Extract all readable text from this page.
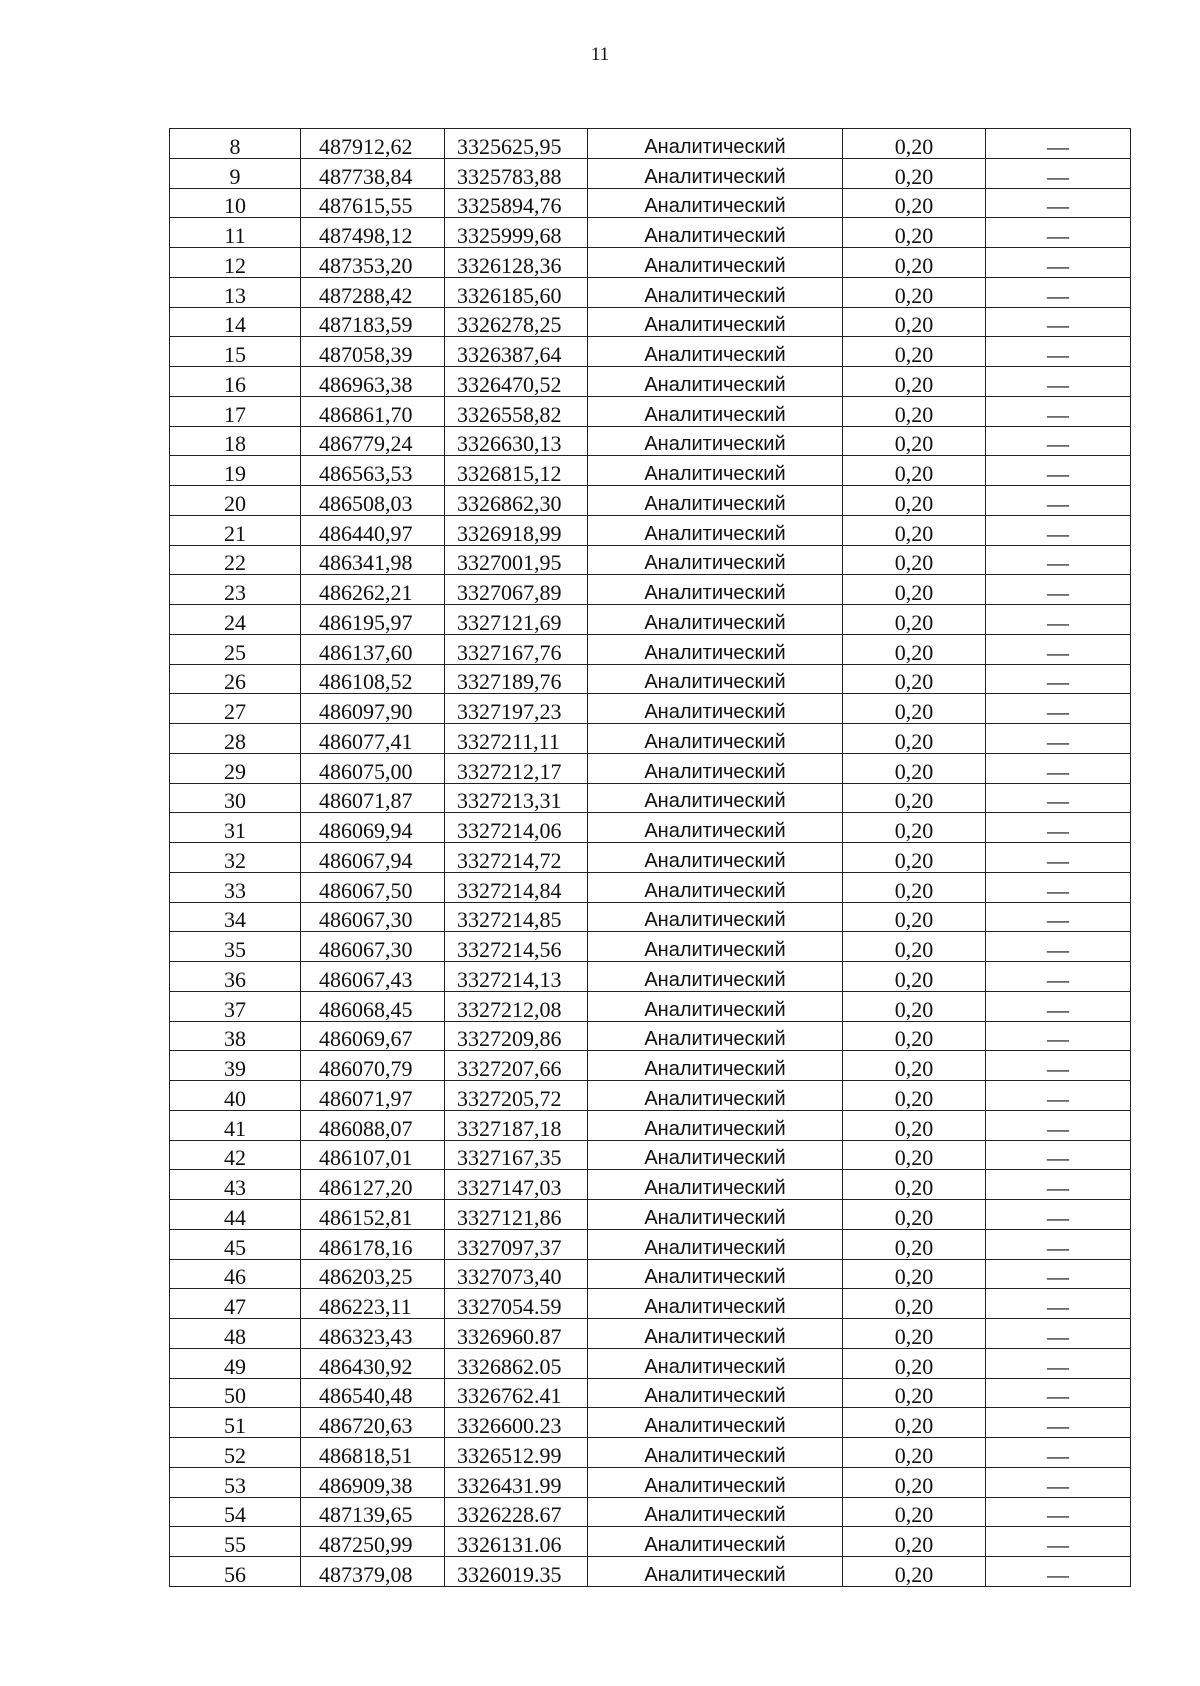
11
8	487912,62	3325625,95	Аналитический	0,20	—
9	487738,84	3325783,88	Аналитический	0,20	—
10	487615,55	3325894,76	Аналитический	0,20	—
11	487498,12	3325999,68	Аналитический	0,20	—
12	487353,20	3326128,36	Аналитический	0,20	—
13	487288,42	3326185,60	Аналитический	0,20	—
14	487183,59	3326278,25	Аналитический	0,20	—
15	487058,39	3326387,64	Аналитический	0,20	—
16	486963,38	3326470,52	Аналитический	0,20	—
17	486861,70	3326558,82	Аналитический	0,20	—
18	486779,24	3326630,13	Аналитический	0,20	—
19	486563,53	3326815,12	Аналитический	0,20	—
20	486508,03	3326862,30	Аналитический	0,20	—
21	486440,97	3326918,99	Аналитический	0,20	—
22	486341,98	3327001,95	Аналитический	0,20	—
23	486262,21	3327067,89	Аналитический	0,20	—
24	486195,97	3327121,69	Аналитический	0,20	—
25	486137,60	3327167,76	Аналитический	0,20	—
26	486108,52	3327189,76	Аналитический	0,20	—
27	486097,90	3327197,23	Аналитический	0,20	—
28	486077,41	3327211,11	Аналитический	0,20	—
29	486075,00	3327212,17	Аналитический	0,20	—
30	486071,87	3327213,31	Аналитический	0,20	—
31	486069,94	3327214,06	Аналитический	0,20	—
32	486067,94	3327214,72	Аналитический	0,20	—
33	486067,50	3327214,84	Аналитический	0,20	—
34	486067,30	3327214,85	Аналитический	0,20	—
35	486067,30	3327214,56	Аналитический	0,20	—
36	486067,43	3327214,13	Аналитический	0,20	—
37	486068,45	3327212,08	Аналитический	0,20	—
38	486069,67	3327209,86	Аналитический	0,20	—
39	486070,79	3327207,66	Аналитический	0,20	—
40	486071,97	3327205,72	Аналитический	0,20	—
41	486088,07	3327187,18	Аналитический	0,20	—
42	486107,01	3327167,35	Аналитический	0,20	—
43	486127,20	3327147,03	Аналитический	0,20	—
44	486152,81	3327121,86	Аналитический	0,20	—
45	486178,16	3327097,37	Аналитический	0,20	—
46	486203,25	3327073,40	Аналитический	0,20	—
47	486223,11	3327054.59	Аналитический	0,20	—
48	486323,43	3326960.87	Аналитический	0,20	—
49	486430,92	3326862.05	Аналитический	0,20	—
50	486540,48	3326762.41	Аналитический	0,20	—
51	486720,63	3326600.23	Аналитический	0,20	—
52	486818,51	3326512.99	Аналитический	0,20	—
53	486909,38	3326431.99	Аналитический	0,20	—
54	487139,65	3326228.67	Аналитический	0,20	—
55	487250,99	3326131.06	Аналитический	0,20	—
56	487379,08	3326019.35	Аналитический	0,20	—
